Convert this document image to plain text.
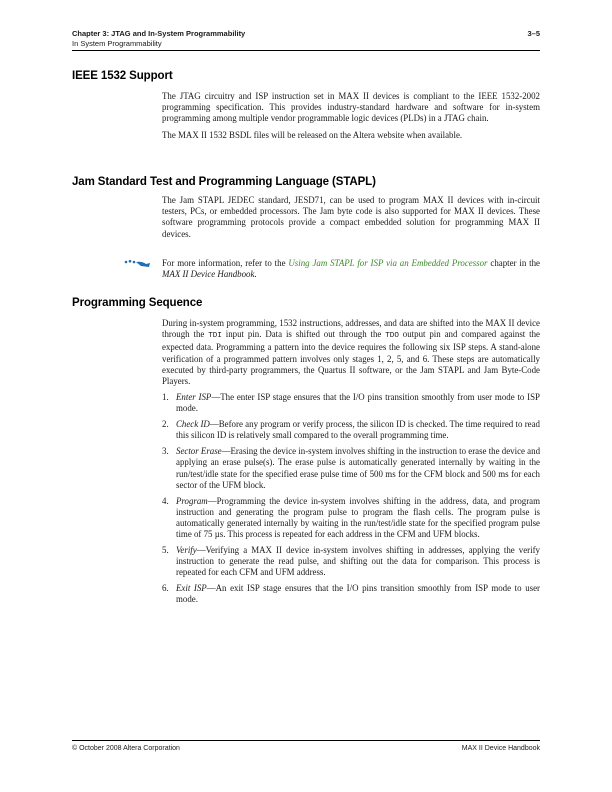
Chapter 3: JTAG and In-System Programmability
In System Programmability
3–5
IEEE 1532 Support

The JTAG circuitry and ISP instruction set in MAX II devices is compliant to the IEEE 1532-2002 programming specification. This provides industry-standard hardware and software for in-system programming among multiple vendor programmable logic devices (PLDs) in a JTAG chain.

The MAX II 1532 BSDL files will be released on the Altera website when available.

Jam Standard Test and Programming Language (STAPL)

The Jam STAPL JEDEC standard, JESD71, can be used to program MAX II devices with in-circuit testers, PCs, or embedded processors. The Jam byte code is also supported for MAX II devices. These software programming protocols provide a compact embedded solution for programming MAX II devices.

For more information, refer to the Using Jam STAPL for ISP via an Embedded Processor chapter in the MAX II Device Handbook.

Programming Sequence

During in-system programming, 1532 instructions, addresses, and data are shifted into the MAX II device through the TDI input pin. Data is shifted out through the TDO output pin and compared against the expected data. Programming a pattern into the device requires the following six ISP steps. A stand-alone verification of a programmed pattern involves only stages 1, 2, 5, and 6. These steps are automatically executed by third-party programmers, the Quartus II software, or the Jam STAPL and Jam Byte-Code Players.

1. Enter ISP—The enter ISP stage ensures that the I/O pins transition smoothly from user mode to ISP mode.
2. Check ID—Before any program or verify process, the silicon ID is checked. The time required to read this silicon ID is relatively small compared to the overall programming time.
3. Sector Erase—Erasing the device in-system involves shifting in the instruction to erase the device and applying an erase pulse(s). The erase pulse is automatically generated internally by waiting in the run/test/idle state for the specified erase pulse time of 500 ms for the CFM block and 500 ms for each sector of the UFM block.
4. Program—Programming the device in-system involves shifting in the address, data, and program instruction and generating the program pulse to program the flash cells. The program pulse is automatically generated internally by waiting in the run/test/idle state for the specified program pulse time of 75 µs. This process is repeated for each address in the CFM and UFM blocks.
5. Verify—Verifying a MAX II device in-system involves shifting in addresses, applying the verify instruction to generate the read pulse, and shifting out the data for comparison. This process is repeated for each CFM and UFM address.
6. Exit ISP—An exit ISP stage ensures that the I/O pins transition smoothly from ISP mode to user mode.
© October 2008 Altera Corporation	MAX II Device Handbook
